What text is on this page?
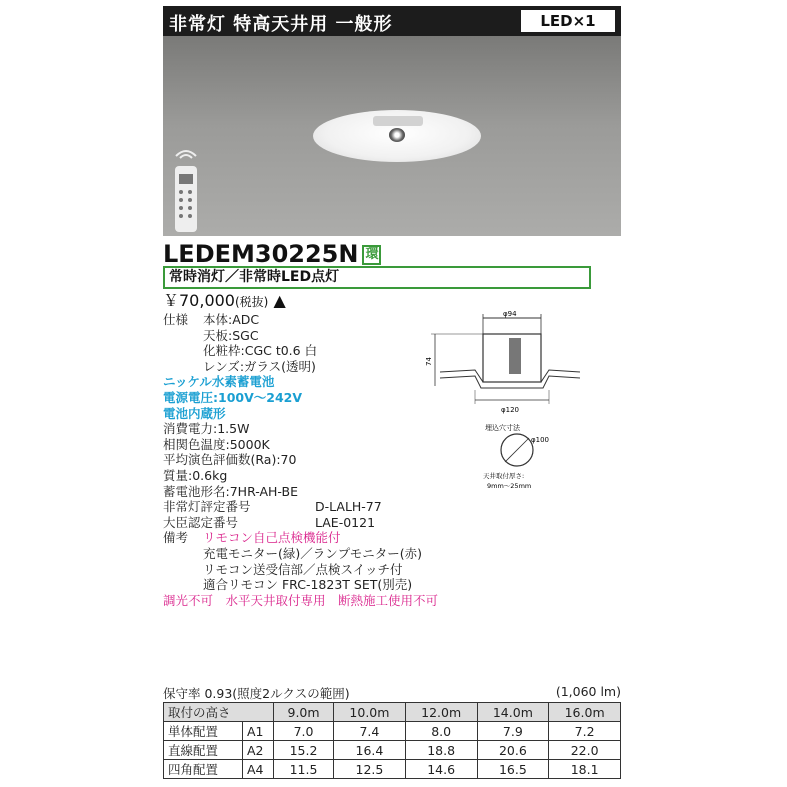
非常灯 特高天井用 一般形	LED×1
LEDEM30225N 環
常時消灯／非常時LED点灯
￥70,000(税抜) ▲
仕様 本体:ADC
天板:SGC
化粧枠:CGC t0.6 白
レンズ:ガラス(透明)
ニッケル水素蓄電池
電源電圧:100V〜242V
電池内蔵形
消費電力:1.5W
相関色温度:5000K
平均演色評価数(Ra):70
質量:0.6kg
蓄電池形名:7HR-AH-BE
非常灯評定番号	D-LALH-77
大臣認定番号	LAE-0121
備考 リモコン自己点検機能付
充電モニター(緑)／ランプモニター(赤)
リモコン送受信部／点検スイッチ付
適合リモコン FRC-1823T SET(別売)
調光不可　水平天井取付専用　断熱施工使用不可
φ94
74
φ120
埋込穴寸法
φ100
天井取付厚さ:
9mm〜25mm
保守率 0.93(照度2ルクスの範囲)	(1,060 lm)
取付の高さ		9.0m	10.0m	12.0m	14.0m	16.0m
単体配置	A1	7.0	7.4	8.0	7.9	7.2
直線配置	A2	15.2	16.4	18.8	20.6	22.0
四角配置	A4	11.5	12.5	14.6	16.5	18.1
